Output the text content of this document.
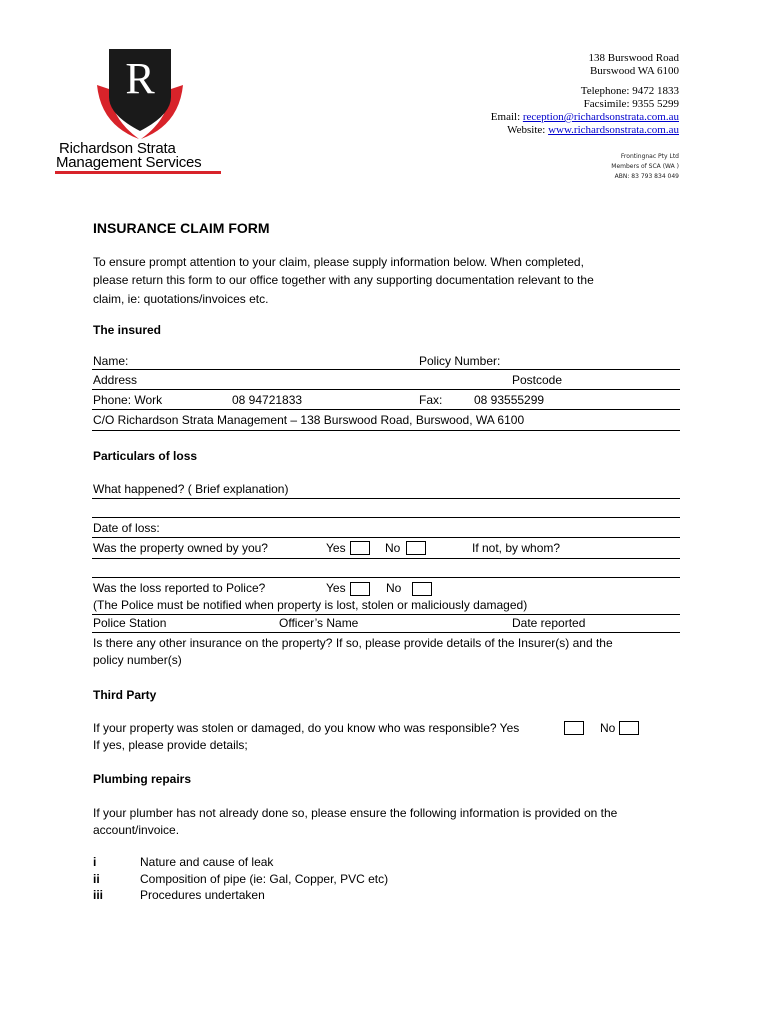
R
Richardson Strata
Management Services
138 Burswood Road
Burswood WA 6100
Telephone: 9472 1833
Facsimile: 9355 5299
Email: reception@richardsonstrata.com.au
Website: www.richardsonstrata.com.au
Frontingnac Pty Ltd
Members of SCA (WA )
ABN: 83 793 834 049
INSURANCE CLAIM FORM
To ensure prompt attention to your claim, please supply information below. When completed,
please return this form to our office together with any supporting documentation relevant to the
claim, ie: quotations/invoices etc.
The insured
Name:	Policy Number:
Address	Postcode
Phone: Work	08 94721833	Fax:	08 93555299
C/O Richardson Strata Management – 138 Burswood Road, Burswood, WA 6100
Particulars of loss
What happened? ( Brief explanation)
Date of loss:
Was the property owned by you?	Yes	No	If not, by whom?
Was the loss reported to Police?	Yes	No
(The Police must be notified when property is lost, stolen or maliciously damaged)
Police Station	Officer’s Name	Date reported
Is there any other insurance on the property? If so, please provide details of the Insurer(s) and the
policy number(s)
Third Party
If your property was stolen or damaged, do you know who was responsible? Yes	No
If yes, please provide details;
Plumbing repairs
If your plumber has not already done so, please ensure the following information is provided on the
account/invoice.
i	Nature and cause of leak
ii	Composition of pipe (ie: Gal, Copper, PVC etc)
iii	Procedures undertaken
